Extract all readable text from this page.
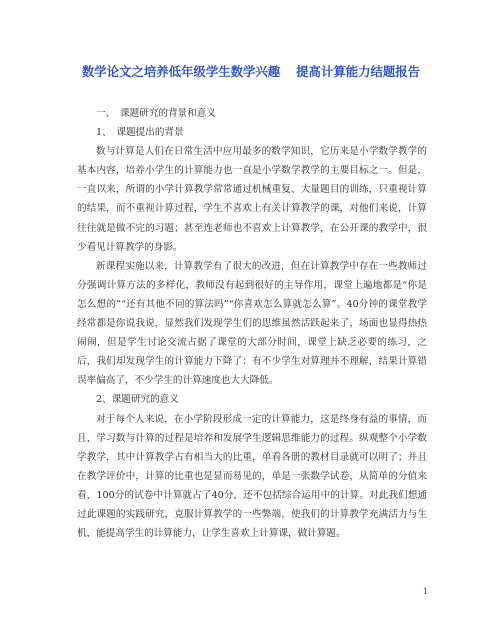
数学论文之培养低年级学生数学兴趣 提高计算能力结题报告

一、　课题研究的背景和意义

1、　课题提出的背景

数与计算是人们在日常生活中应用最多的数学知识，它历来是小学数学教学的基本内容，培养小学生的计算能力也一直是小学数学教学的主要目标之一。但是，一直以来，所谓的小学计算教学常常通过机械重复、大量题目的训练，只重视计算的结果，而不重视计算过程，学生不喜欢上有关计算教学的课，对他们来说，计算往往就是做不完的习题；甚至连老师也不喜欢上计算教学，在公开课的教学中，很少看见计算教学的身影。

新课程实施以来，计算教学有了很大的改进，但在计算教学中存在一些教师过分强调计算方法的多样化，教师没有起到很好的主导作用，课堂上遍地都是“你是怎么想的”“还有其他不同的算法吗”“你喜欢怎么算就怎么算”。40分钟的课堂教学经常都是你说我说，显然我们发现学生们的思维虽然活跃起来了，场面也显得热热闹闹，但是学生讨论交流占据了课堂的大部分时间，课堂上缺乏必要的练习，之后，我们却发现学生的计算能力下降了：有不少学生对算理并不理解，结果计算错误率偏高了，不少学生的计算速度也大大降低。

2、课题研究的意义

对于每个人来说，在小学阶段形成一定的计算能力，这是终身有益的事情，而且，学习数与计算的过程是培养和发展学生逻辑思维能力的过程。纵观整个小学数学教学，其中计算教学占有相当大的比重，单看各册的教材目录就可以明了；并且在教学评价中，计算的比重也是显而易见的，单是一张数学试卷，从简单的分值来看，100分的试卷中计算就占了40分，还不包括综合运用中的计算。对此我们想通过此课题的实践研究，克服计算教学的一些弊端，使我们的计算教学充满活力与生机，能提高学生的计算能力，让学生喜欢上计算课，做计算题。

1
